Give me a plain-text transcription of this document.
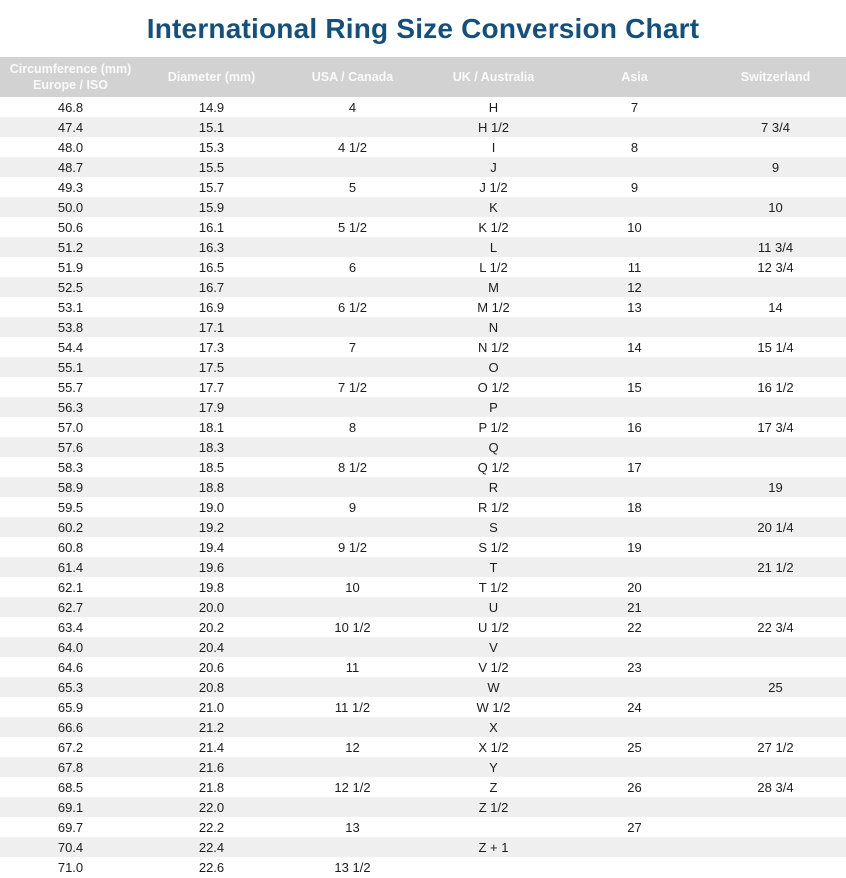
International Ring Size Conversion Chart
Circumference (mm)
Europe / ISO	Diameter (mm)	USA / Canada	UK / Australia	Asia	Switzerland

46.8	14.9	4	H	7	
47.4	15.1		H 1/2		7 3/4
48.0	15.3	4 1/2	I	8	
48.7	15.5		J		9
49.3	15.7	5	J 1/2	9	
50.0	15.9		K		10
50.6	16.1	5 1/2	K 1/2	10	
51.2	16.3		L		11 3/4
51.9	16.5	6	L 1/2	11	12 3/4
52.5	16.7		M	12	
53.1	16.9	6 1/2	M 1/2	13	14
53.8	17.1		N		
54.4	17.3	7	N 1/2	14	15 1/4
55.1	17.5		O		
55.7	17.7	7 1/2	O 1/2	15	16 1/2
56.3	17.9		P		
57.0	18.1	8	P 1/2	16	17 3/4
57.6	18.3		Q		
58.3	18.5	8 1/2	Q 1/2	17	
58.9	18.8		R		19
59.5	19.0	9	R 1/2	18	
60.2	19.2		S		20 1/4
60.8	19.4	9 1/2	S 1/2	19	
61.4	19.6		T		21 1/2
62.1	19.8	10	T 1/2	20	
62.7	20.0		U	21	
63.4	20.2	10 1/2	U 1/2	22	22 3/4
64.0	20.4		V		
64.6	20.6	11	V 1/2	23	
65.3	20.8		W		25
65.9	21.0	11 1/2	W 1/2	24	
66.6	21.2		X		
67.2	21.4	12	X 1/2	25	27 1/2
67.8	21.6		Y		
68.5	21.8	12 1/2	Z	26	28 3/4
69.1	22.0		Z 1/2		
69.7	22.2	13		27	
70.4	22.4		Z + 1		
71.0	22.6	13 1/2			
